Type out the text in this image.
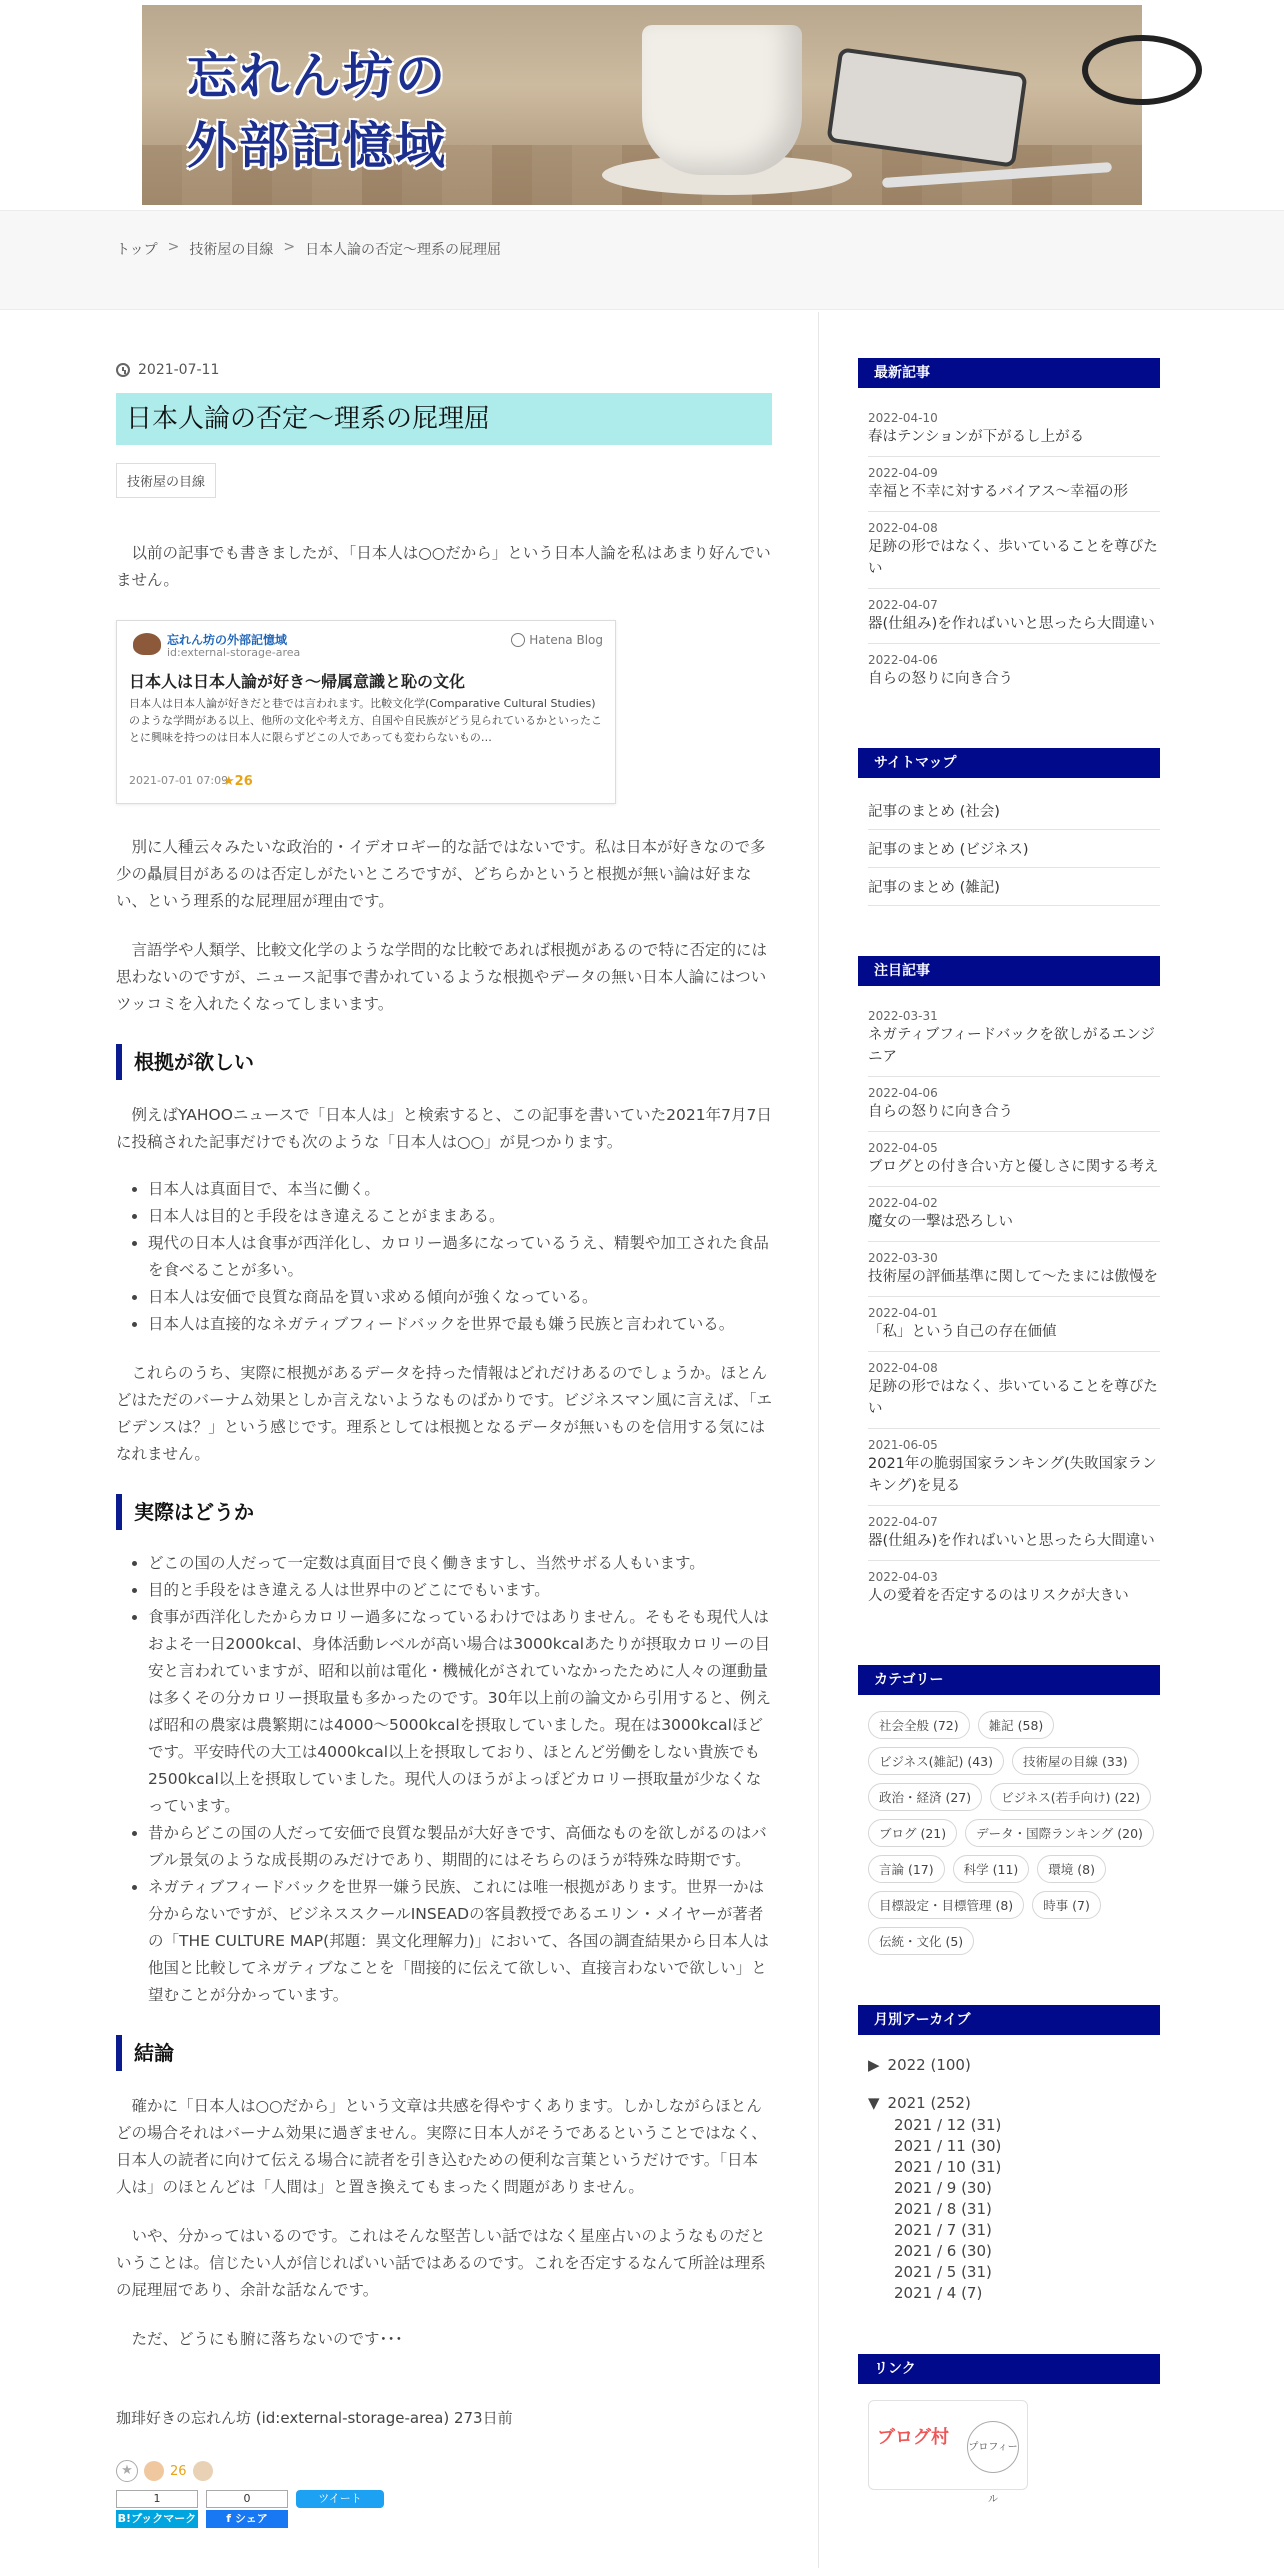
忘れん坊の
外部記憶域
トップ > 技術屋の目線 > 日本人論の否定～理系の屁理屈
2021-07-11
日本人論の否定～理系の屁理屈
技術屋の目線

以前の記事でも書きましたが、「日本人は○○だから」という日本人論を私はあまり好んでいません。

忘れん坊の外部記憶域
id:external-storage-area
Hatena Blog
日本人は日本人論が好き～帰属意識と恥の文化
日本人は日本人論が好きだと巷では言われます。比較文化学(Comparative Cultural Studies)のような学問がある以上、他所の文化や考え方、自国や自民族がどう見られているかといったことに興味を持つのは日本人に限らずどこの人であっても変わらないもの…
2021-07-01 07:09
★26

別に人種云々みたいな政治的・イデオロギー的な話ではないです。私は日本が好きなので多少の贔屓目があるのは否定しがたいところですが、どちらかというと根拠が無い論は好まない、という理系的な屁理屈が理由です。

言語学や人類学、比較文化学のような学問的な比較であれば根拠があるので特に否定的には思わないのですが、ニュース記事で書かれているような根拠やデータの無い日本人論にはついツッコミを入れたくなってしまいます。

根拠が欲しい

例えばYAHOOニュースで「日本人は」と検索すると、この記事を書いていた2021年7月7日に投稿された記事だけでも次のような「日本人は○○」が見つかります。

• 日本人は真面目で、本当に働く。
• 日本人は目的と手段をはき違えることがままある。
• 現代の日本人は食事が西洋化し、カロリー過多になっているうえ、精製や加工された食品を食べることが多い。
• 日本人は安価で良質な商品を買い求める傾向が強くなっている。
• 日本人は直接的なネガティブフィードバックを世界で最も嫌う民族と言われている。

これらのうち、実際に根拠があるデータを持った情報はどれだけあるのでしょうか。ほとんどはただのバーナム効果としか言えないようなものばかりです。ビジネスマン風に言えば、「エビデンスは？」という感じです。理系としては根拠となるデータが無いものを信用する気にはなれません。

実際はどうか
• どこの国の人だって一定数は真面目で良く働きますし、当然サボる人もいます。
• 目的と手段をはき違える人は世界中のどこにでもいます。
• 食事が西洋化したからカロリー過多になっているわけではありません。そもそも現代人はおよそ一日2000kcal、身体活動レベルが高い場合は3000kcalあたりが摂取カロリーの目安と言われていますが、昭和以前は電化・機械化がされていなかったために人々の運動量は多くその分カロリー摂取量も多かったのです。30年以上前の論文から引用すると、例えば昭和の農家は農繁期には4000～5000kcalを摂取していました。現在は3000kcalほどです。平安時代の大工は4000kcal以上を摂取しており、ほとんど労働をしない貴族でも2500kcal以上を摂取していました。現代人のほうがよっぽどカロリー摂取量が少なくなっています。
• 昔からどこの国の人だって安価で良質な製品が大好きです、高価なものを欲しがるのはバブル景気のような成長期のみだけであり、期間的にはそちらのほうが特殊な時期です。
• ネガティブフィードバックを世界一嫌う民族、これには唯一根拠があります。世界一かは分からないですが、ビジネススクールINSEADの客員教授であるエリン・メイヤーが著者の「THE CULTURE MAP(邦題：異文化理解力)」において、各国の調査結果から日本人は他国と比較してネガティブなことを「間接的に伝えて欲しい、直接言わないで欲しい」と望むことが分かっています。
結論

確かに「日本人は○○だから」という文章は共感を得やすくあります。しかしながらほとんどの場合それはバーナム効果に過ぎません。実際に日本人がそうであるということではなく、日本人の読者に向けて伝える場合に読者を引き込むための便利な言葉というだけです。「日本人は」のほとんどは「人間は」と置き換えてもまったく問題がありません。

いや、分かってはいるのです。これはそんな堅苦しい話ではなく星座占いのようなものだということは。信じたい人が信じればいい話ではあるのです。これを否定するなんて所詮は理系の屁理屈であり、余計な話なんです。

ただ、どうにも腑に落ちないのです･･･

珈琲好きの忘れん坊 (id:external-storage-area) 273日前

★	26
1
B!ブックマーク
0
f シェア
ツイート
最新記事
2022-04-10
春はテンションが下がるし上がる
2022-04-09
幸福と不幸に対するバイアス～幸福の形
2022-04-08
足跡の形ではなく、歩いていることを尊びたい
2022-04-07
器(仕組み)を作ればいいと思ったら大間違い
2022-04-06
自らの怒りに向き合う
サイトマップ
記事のまとめ (社会)
記事のまとめ (ビジネス)
記事のまとめ (雑記)
注目記事
2022-03-31
ネガティブフィードバックを欲しがるエンジニア
2022-04-06
自らの怒りに向き合う
2022-04-05
ブログとの付き合い方と優しさに関する考え
2022-04-02
魔女の一撃は恐ろしい
2022-03-30
技術屋の評価基準に関して～たまには傲慢を
2022-04-01
「私」という自己の存在価値
2022-04-08
足跡の形ではなく、歩いていることを尊びたい
2021-06-05
2021年の脆弱国家ランキング(失敗国家ランキング)を見る
2022-04-07
器(仕組み)を作ればいいと思ったら大間違い
2022-04-03
人の愛着を否定するのはリスクが大きい
カテゴリー
社会全般 (72)	雑記 (58)
ビジネス(雑記) (43)	技術屋の目線 (33)
政治・経済 (27)	ビジネス(若手向け) (22)
ブログ (21)	データ・国際ランキング (20)
言論 (17)	科学 (11)	環境 (8)
目標設定・目標管理 (8)	時事 (7)
伝統・文化 (5)
月別アーカイブ
▶ 2022 (100)
▼ 2021 (252)
2021 / 12 (31)
2021 / 11 (30)
2021 / 10 (31)
2021 / 9 (30)
2021 / 8 (31)
2021 / 7 (31)
2021 / 6 (30)
2021 / 5 (31)
2021 / 4 (7)
リンク
ブログ村 プロフィール
